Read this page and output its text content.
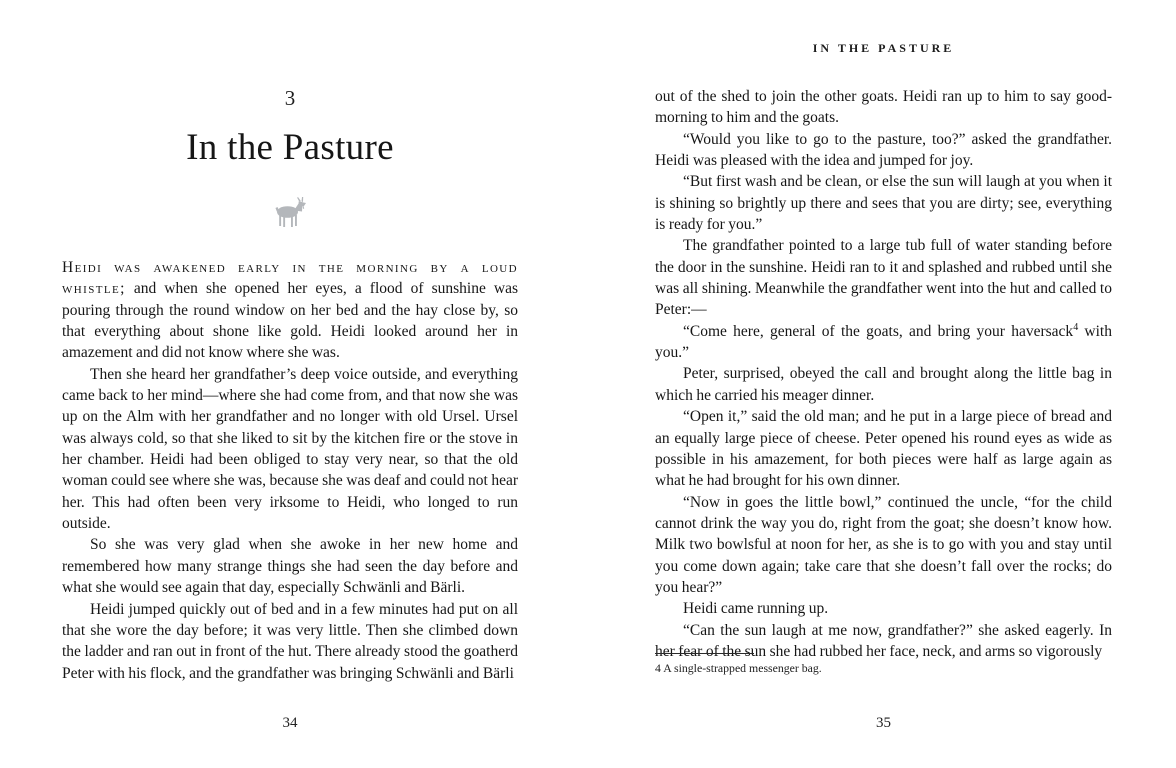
3
In the Pasture

Heidi was awakened early in the morning by a loud whistle; and when she opened her eyes, a flood of sunshine was pouring through the round window on her bed and the hay close by, so that everything about shone like gold. Heidi looked around her in amazement and did not know where she was.

Then she heard her grandfather’s deep voice outside, and everything came back to her mind—where she had come from, and that now she was up on the Alm with her grandfather and no longer with old Ursel. Ursel was always cold, so that she liked to sit by the kitchen fire or the stove in her chamber. Heidi had been obliged to stay very near, so that the old woman could see where she was, because she was deaf and could not hear her. This had often been very irksome to Heidi, who longed to run outside.

So she was very glad when she awoke in her new home and remembered how many strange things she had seen the day before and what she would see again that day, especially Schwänli and Bärli.

Heidi jumped quickly out of bed and in a few minutes had put on all that she wore the day before; it was very little. Then she climbed down the ladder and ran out in front of the hut. There already stood the goatherd Peter with his flock, and the grandfather was bringing Schwänli and Bärli

34
IN THE PASTURE

out of the shed to join the other goats. Heidi ran up to him to say good-morning to him and the goats.

“Would you like to go to the pasture, too?” asked the grandfather. Heidi was pleased with the idea and jumped for joy.

“But first wash and be clean, or else the sun will laugh at you when it is shining so brightly up there and sees that you are dirty; see, everything is ready for you.”

The grandfather pointed to a large tub full of water standing before the door in the sunshine. Heidi ran to it and splashed and rubbed until she was all shining. Meanwhile the grandfather went into the hut and called to Peter:—

“Come here, general of the goats, and bring your haversack$^4$ with you.”

Peter, surprised, obeyed the call and brought along the little bag in which he carried his meager dinner.

“Open it,” said the old man; and he put in a large piece of bread and an equally large piece of cheese. Peter opened his round eyes as wide as possible in his amazement, for both pieces were half as large again as what he had brought for his own dinner.

“Now in goes the little bowl,” continued the uncle, “for the child cannot drink the way you do, right from the goat; she doesn’t know how. Milk two bowlsful at noon for her, as she is to go with you and stay until you come down again; take care that she doesn’t fall over the rocks; do you hear?”

Heidi came running up.

“Can the sun laugh at me now, grandfather?” she asked eagerly. In her fear of the sun she had rubbed her face, neck, and arms so vigorously

4 A single-strapped messenger bag.

35
